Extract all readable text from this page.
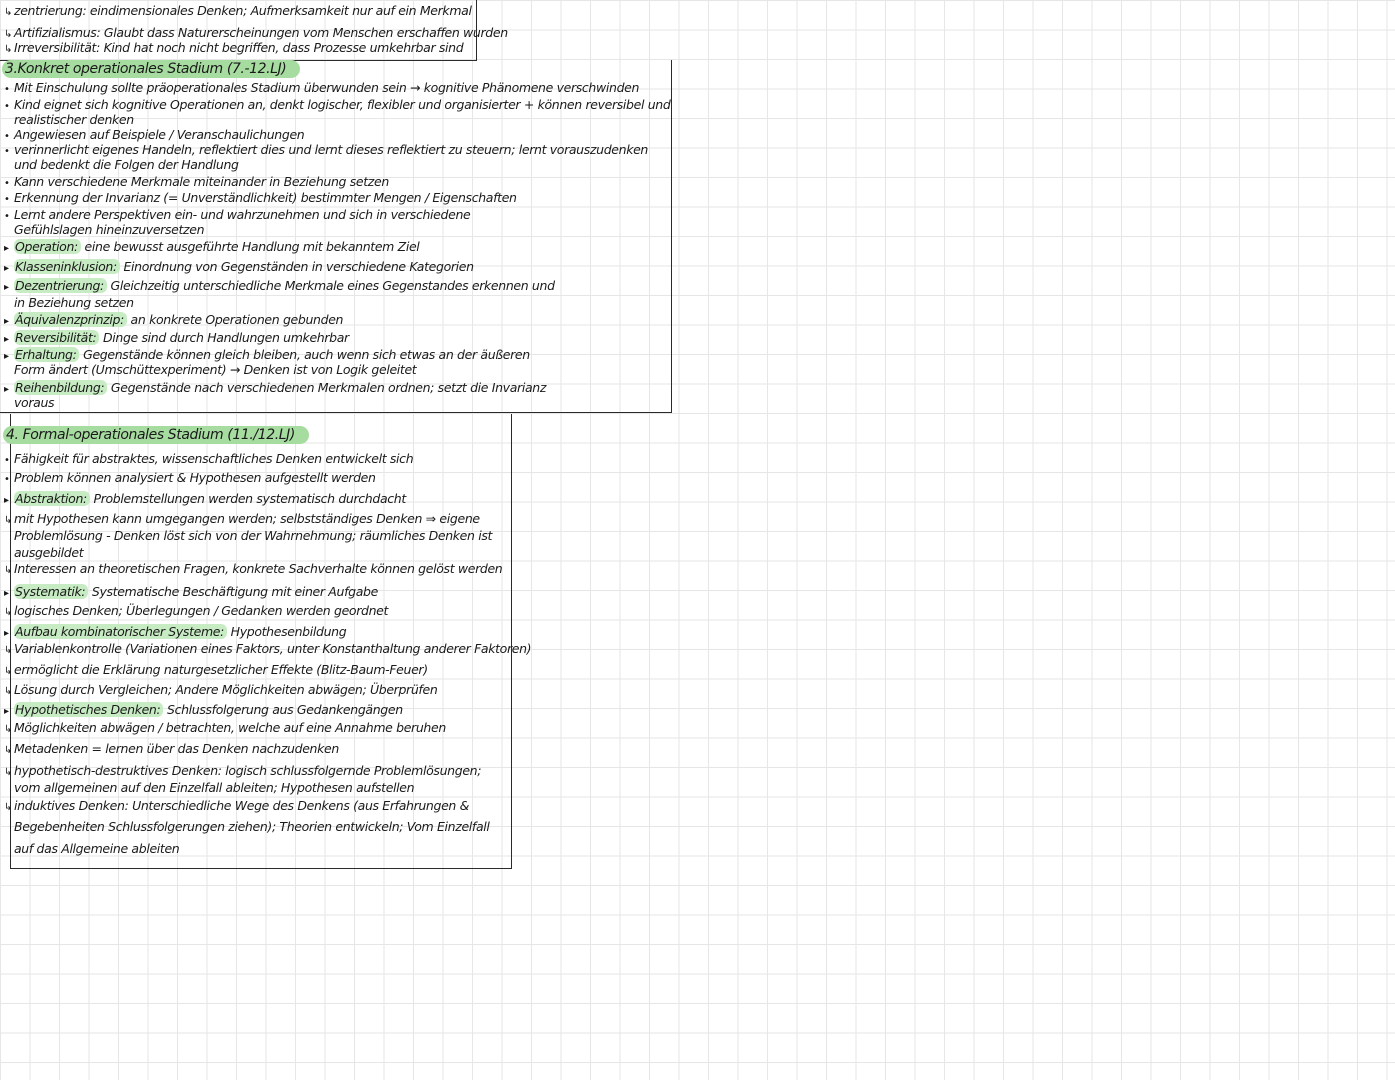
↳ zentrierung: eindimensionales Denken; Aufmerksamkeit nur auf ein Merkmal
↳ Artifizialismus: Glaubt dass Naturerscheinungen vom Menschen erschaffen wurden
↳ Irreversibilität: Kind hat noch nicht begriffen, dass Prozesse umkehrbar sind
3.Konkret operationales Stadium (7.-12.LJ)
• Mit Einschulung sollte präoperationales Stadium überwunden sein → kognitive Phänomene verschwinden
• Kind eignet sich kognitive Operationen an, denkt logischer, flexibler und organisierter + können reversibel und
realistischer denken
• Angewiesen auf Beispiele / Veranschaulichungen
• verinnerlicht eigenes Handeln, reflektiert dies und lernt dieses reflektiert zu steuern; lernt vorauszudenken
und bedenkt die Folgen der Handlung
• Kann verschiedene Merkmale miteinander in Beziehung setzen
• Erkennung der Invarianz (= Unverständlichkeit) bestimmter Mengen / Eigenschaften
• Lernt andere Perspektiven ein- und wahrzunehmen und sich in verschiedene
Gefühlslagen hineinzuversetzen
▸ Operation: eine bewusst ausgeführte Handlung mit bekanntem Ziel
▸ Klasseninklusion: Einordnung von Gegenständen in verschiedene Kategorien
▸ Dezentrierung: Gleichzeitig unterschiedliche Merkmale eines Gegenstandes erkennen und
in Beziehung setzen
▸ Äquivalenzprinzip: an konkrete Operationen gebunden
▸ Reversibilität: Dinge sind durch Handlungen umkehrbar
▸ Erhaltung: Gegenstände können gleich bleiben, auch wenn sich etwas an der äußeren
Form ändert (Umschüttexperiment) → Denken ist von Logik geleitet
▸ Reihenbildung: Gegenstände nach verschiedenen Merkmalen ordnen; setzt die Invarianz
voraus
4. Formal-operationales Stadium (11./12.LJ)
• Fähigkeit für abstraktes, wissenschaftliches Denken entwickelt sich
• Problem können analysiert & Hypothesen aufgestellt werden
▸ Abstraktion: Problemstellungen werden systematisch durchdacht
↳ mit Hypothesen kann umgegangen werden; selbstständiges Denken ⇒ eigene
Problemlösung - Denken löst sich von der Wahrnehmung; räumliches Denken ist
ausgebildet
↳ Interessen an theoretischen Fragen, konkrete Sachverhalte können gelöst werden
▸ Systematik: Systematische Beschäftigung mit einer Aufgabe
↳ logisches Denken; Überlegungen / Gedanken werden geordnet
▸ Aufbau kombinatorischer Systeme: Hypothesenbildung
↳ Variablenkontrolle (Variationen eines Faktors, unter Konstanthaltung anderer Faktoren)
↳ ermöglicht die Erklärung naturgesetzlicher Effekte (Blitz-Baum-Feuer)
↳ Lösung durch Vergleichen; Andere Möglichkeiten abwägen; Überprüfen
▸ Hypothetisches Denken: Schlussfolgerung aus Gedankengängen
↳ Möglichkeiten abwägen / betrachten, welche auf eine Annahme beruhen
↳ Metadenken = lernen über das Denken nachzudenken
↳ hypothetisch-destruktives Denken: logisch schlussfolgernde Problemlösungen;
vom allgemeinen auf den Einzelfall ableiten; Hypothesen aufstellen
↳ induktives Denken: Unterschiedliche Wege des Denkens (aus Erfahrungen &
Begebenheiten Schlussfolgerungen ziehen); Theorien entwickeln; Vom Einzelfall
auf das Allgemeine ableiten
